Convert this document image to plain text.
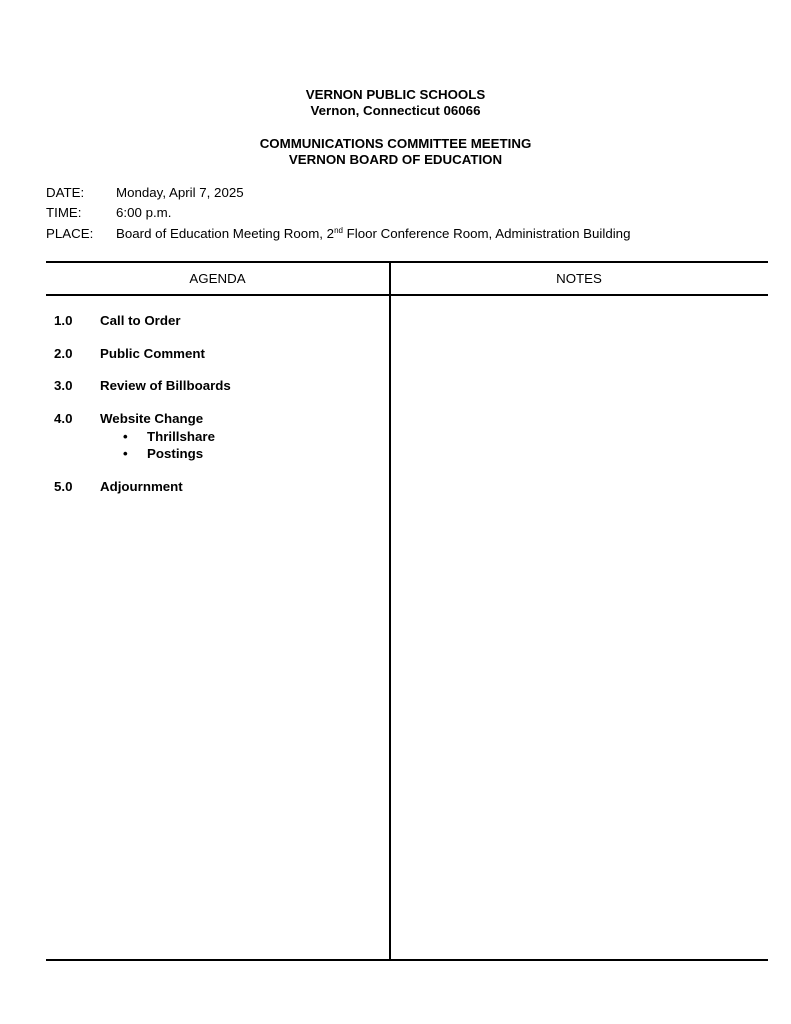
VERNON PUBLIC SCHOOLS
Vernon, Connecticut 06066
COMMUNICATIONS COMMITTEE MEETING
VERNON BOARD OF EDUCATION
DATE: Monday, April 7, 2025
TIME:	6:00 p.m.
PLACE: Board of Education Meeting Room, 2nd Floor Conference Room, Administration Building
AGENDA	NOTES
1.0 Call to Order
2.0 Public Comment
3.0 Review of Billboards
4.0 Website Change
• Thrillshare
• Postings
5.0 Adjournment
